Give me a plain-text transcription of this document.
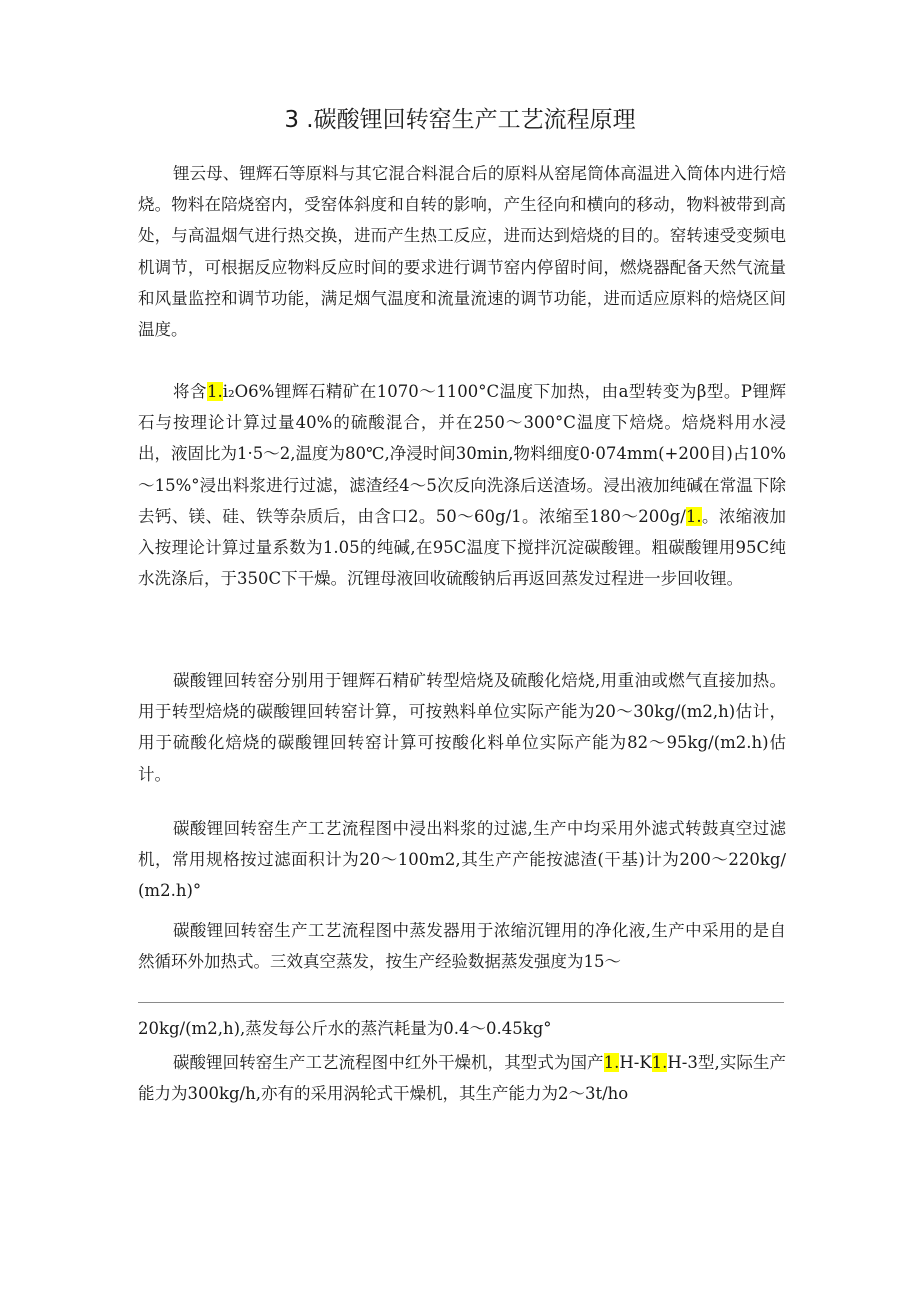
3 .碳酸锂回转窑生产工艺流程原理

锂云母、锂辉石等原料与其它混合料混合后的原料从窑尾筒体高温进入筒体内进行焙烧。物料在陪烧窑内，受窑体斜度和自转的影响，产生径向和横向的移动，物料被带到高处，与高温烟气进行热交换，进而产生热工反应，进而达到焙烧的目的。窑转速受变频电机调节，可根据反应物料反应时间的要求进行调节窑内停留时间，燃烧器配备天然气流量和风量监控和调节功能，满足烟气温度和流量流速的调节功能，进而适应原料的焙烧区间温度。

将含1.i₂O6%锂辉石精矿在1070～1100°C温度下加热，由a型转变为β型。P锂辉石与按理论计算过量40%的硫酸混合，并在250～300°C温度下焙烧。焙烧料用水浸出，液固比为1·5～2,温度为80℃,净浸时间30min,物料细度0·074mm(+200目)占10%～15%°浸出料浆进行过滤，滤渣经4～5次反向洗涤后送渣场。浸出液加纯碱在常温下除去钙、镁、硅、铁等杂质后，由含口2。50～60g/1。浓缩至180～200g/1.。浓缩液加入按理论计算过量系数为1.05的纯碱,在95C温度下搅拌沉淀碳酸锂。粗碳酸锂用95C纯水洗涤后，于350C下干燥。沉锂母液回收硫酸钠后再返回蒸发过程进一步回收锂。

碳酸锂回转窑分别用于锂辉石精矿转型焙烧及硫酸化焙烧,用重油或燃气直接加热。用于转型焙烧的碳酸锂回转窑计算，可按熟料单位实际产能为20～30kg/(m2,h)估计，用于硫酸化焙烧的碳酸锂回转窑计算可按酸化料单位实际产能为82～95kg/(m2.h)估计。

碳酸锂回转窑生产工艺流程图中浸出料浆的过滤,生产中均采用外滤式转鼓真空过滤机，常用规格按过滤面积计为20～100m2,其生产产能按滤渣(干基)计为200～220kg∕(m2.h)°

碳酸锂回转窑生产工艺流程图中蒸发器用于浓缩沉锂用的净化液,生产中采用的是自然循环外加热式。三效真空蒸发，按生产经验数据蒸发强度为15～

20kg/(m2,h),蒸发每公斤水的蒸汽耗量为0.4～0.45kg°

碳酸锂回转窑生产工艺流程图中红外干燥机，其型式为国产1.H-K1.H-3型,实际生产能力为300kg/h,亦有的采用涡轮式干燥机，其生产能力为2～3t/ho
